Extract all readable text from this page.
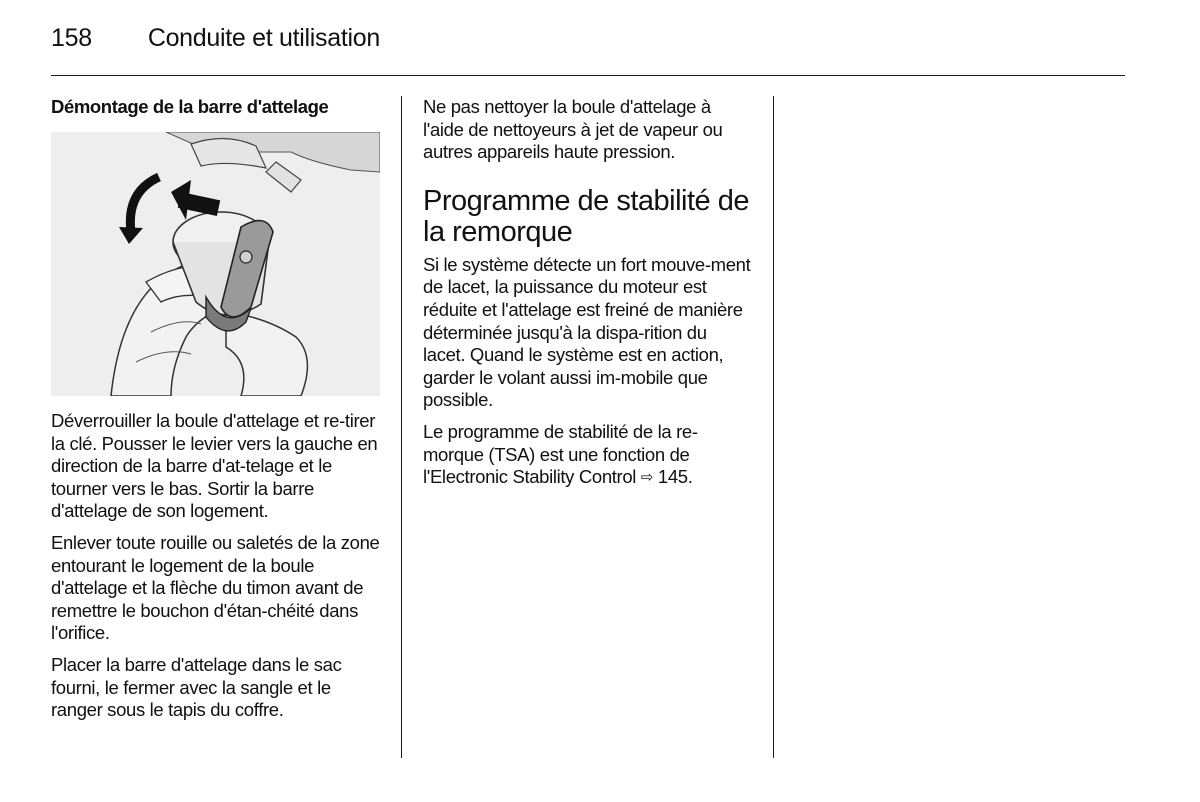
158 Conduite et utilisation
Démontage de la barre d'attelage

Déverrouiller la boule d'attelage et re-tirer la clé. Pousser le levier vers la gauche en direction de la barre d'at-telage et le tourner vers le bas. Sortir la barre d'attelage de son logement.

Enlever toute rouille ou saletés de la zone entourant le logement de la boule d'attelage et la flèche du timon avant de remettre le bouchon d'étan-chéité dans l'orifice.

Placer la barre d'attelage dans le sac fourni, le fermer avec la sangle et le ranger sous le tapis du coffre.

Ne pas nettoyer la boule d'attelage à l'aide de nettoyeurs à jet de vapeur ou autres appareils haute pression.

Programme de stabilité de la remorque

Si le système détecte un fort mouve-ment de lacet, la puissance du moteur est réduite et l'attelage est freiné de manière déterminée jusqu'à la dispa-rition du lacet. Quand le système est en action, garder le volant aussi im-mobile que possible.

Le programme de stabilité de la re-morque (TSA) est une fonction de l'Electronic Stability Control ⇨ 145.
